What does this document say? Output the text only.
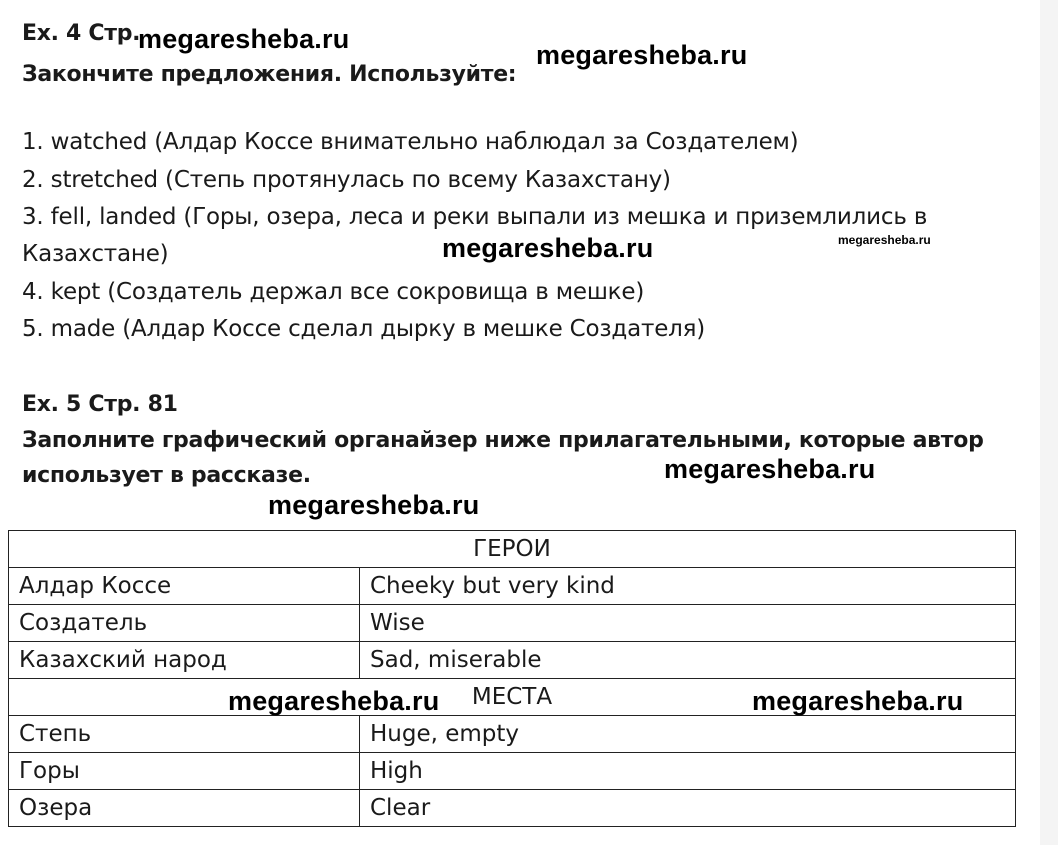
Ex. 4 Стр.
megaresheba.ru
Закончите предложения. Используйте:
megaresheba.ru
1. watched (Алдар Коссе внимательно наблюдал за Создателем)
2. stretched (Степь протянулась по всему Казахстану)
3. fell, landed (Горы, озера, леса и реки выпали из мешка и приземлились в
Казахстане)	megaresheba.ru	megaresheba.ru
4. kept (Создатель держал все сокровища в мешке)
5. made (Алдар Коссе сделал дырку в мешке Создателя)
Ex. 5 Стр. 81
Заполните графический органайзер ниже прилагательными, которые автор
использует в рассказе.	megaresheba.ru
megaresheba.ru
ГЕРОИ	
Алдар Коссе	Cheeky but very kind
Создатель	Wise
Казахский народ	Sad, miserable
МЕСТА	
Степь	Huge, empty
Горы	High
Озера	Clear
megaresheba.ru	megaresheba.ru
